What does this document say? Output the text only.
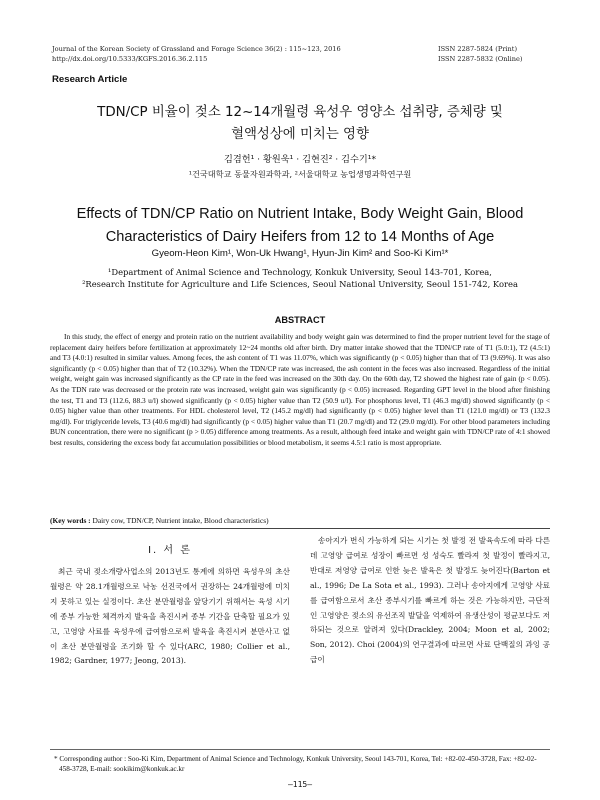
Journal of the Korean Society of Grassland and Forage Science 36(2) : 115~123, 2016
http://dx.doi.org/10.5333/KGFS.2016.36.2.115
ISSN 2287-5824 (Print)
ISSN 2287-5832 (Online)
Research Article
TDN/CP 비율이 젖소 12~14개월령 육성우 영양소 섭취량, 증체량 및
혈액성상에 미치는 영향
김겸헌¹ · 황원욱¹ · 김현진² · 김수기¹*
¹건국대학교 동물자원과학과, ²서울대학교 농업생명과학연구원
Effects of TDN/CP Ratio on Nutrient Intake, Body Weight Gain, Blood
Characteristics of Dairy Heifers from 12 to 14 Months of Age
Gyeom-Heon Kim¹, Won-Uk Hwang¹, Hyun-Jin Kim² and Soo-Ki Kim¹*
¹Department of Animal Science and Technology, Konkuk University, Seoul 143-701, Korea,
²Research Institute for Agriculture and Life Sciences, Seoul National University, Seoul 151-742, Korea
ABSTRACT

In this study, the effect of energy and protein ratio on the nutrient availability and body weight gain was determined to find the proper nutrient level for the stage of replacement dairy heifers before fertilization at approximately 12~24 months old after birth. Dry matter intake showed that the TDN/CP rate of T1 (5.0:1), T2 (4.5:1) and T3 (4.0:1) resulted in similar values. Among feces, the ash content of T1 was 11.07%, which was significantly (p < 0.05) higher than that of T3 (9.69%). It was also significantly (p < 0.05) higher than that of T2 (10.32%). When the TDN/CP rate was increased, the ash content in the feces was also increased. Regardless of the initial weight, weight gain was increased significantly as the CP rate in the feed was increased on the 30th day. On the 60th day, T2 showed the highest rate of gain (p < 0.05). As the TDN rate was decreased or the protein rate was increased, weight gain was significantly (p < 0.05) increased. Regarding GPT level in the blood after finishing the test, T1 and T3 (112.6, 88.3 u/l) showed significantly (p < 0.05) higher value than T2 (50.9 u/l). For phosphorus level, T1 (46.3 mg/dl) showed significantly (p < 0.05) higher value than other treatments. For HDL cholesterol level, T2 (145.2 mg/dl) had significantly (p < 0.05) higher level than T1 (121.0 mg/dl) or T3 (132.3 mg/dl). For triglyceride levels, T3 (40.6 mg/dl) had significantly (p < 0.05) higher value than T1 (20.7 mg/dl) and T2 (29.0 mg/dl). For other blood parameters including BUN concentration, there were no significant (p > 0.05) difference among treatments. As a result, although feed intake and weight gain with TDN/CP rate of 4:1 showed best results, considering the excess body fat accumulation possibilities or blood metabolism, it seems 4.5:1 ratio is most appropriate.

(Key words : Dairy cow, TDN/CP, Nutrient intake, Blood characteristics)
Ⅰ. 서 론

최근 국내 젖소개량사업소의 2013년도 통계에 의하면 육성우의 초산월령은 약 28.1개월령으로 낙농 선진국에서 권장하는 24개월령에 미치지 못하고 있는 실정이다. 초산 분만월령을 앞당기기 위해서는 육성 시기에 종부 가능한 체격까지 발육을 촉진시켜 종부 기간을 단축할 필요가 있고, 고영양 사료를 육성우에 급여함으로써 발육을 촉진시켜 분만사고 없이 초산 분만월령을 조기화 할 수 있다(ARC, 1980; Collier et al., 1982; Gardner, 1977; Jeong, 2013).

송아지가 번식 가능하게 되는 시기는 첫 발정 전 발육속도에 따라 다른데 고영양 급여로 성장이 빠르면 성 성숙도 빨라져 첫 발정이 빨라지고, 반대로 저영양 급여로 인한 늦은 발육은 첫 발정도 늦어진다(Barton et al., 1996; De La Sota et al., 1993). 그러나 송아지에게 고영양 사료를 급여함으로서 초산 종부시기를 빠르게 하는 것은 가능하지만, 극단적인 고영양은 젖소의 유선조직 발달을 억제하여 유생산성이 평균보다도 저하되는 것으로 알려져 있다(Drackley, 2004; Moon et al, 2002; Son, 2012). Choi (2004)의 연구결과에 따르면 사료 단백질의 과잉 공급이

* Corresponding author : Soo-Ki Kim, Department of Animal Science and Technology, Konkuk University, Seoul 143-701, Korea, Tel: +82-02-450-3728, Fax: +82-02-458-3728, E-mail: sookikim@konkuk.ac.kr
–115–
